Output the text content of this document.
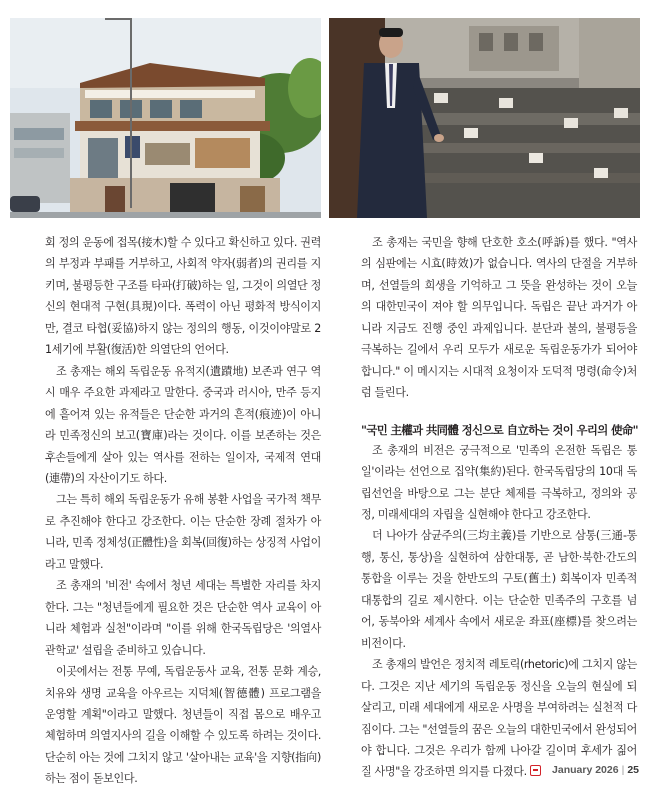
회 정의 운동에 접목(接木)할 수 있다고 확신하고 있다. 권력의 부정과 부패를 거부하고, 사회적 약자(弱者)의 권리를 지키며, 불평등한 구조를 타파(打破)하는 일, 그것이 의열단 정신의 현대적 구현(具現)이다. 폭력이 아닌 평화적 방식이지만, 결코 타협(妥協)하지 않는 정의의 행동, 이것이야말로 21세기에 부활(復活)한 의열단의 언어다.

조 총재는 해외 독립운동 유적지(遺蹟地) 보존과 연구 역시 매우 주요한 과제라고 말한다. 중국과 러시아, 만주 등지에 흩어져 있는 유적들은 단순한 과거의 흔적(痕迹)이 아니라 민족정신의 보고(寶庫)라는 것이다. 이를 보존하는 것은 후손들에게 살아 있는 역사를 전하는 일이자, 국제적 연대(連帶)의 자산이기도 하다.

그는 특히 해외 독립운동가 유해 봉환 사업을 국가적 책무로 추진해야 한다고 강조한다. 이는 단순한 장례 절차가 아니라, 민족 정체성(正體性)을 회복(回復)하는 상징적 사업이라고 말했다.

조 총재의 '비전' 속에서 청년 세대는 특별한 자리를 차지한다. 그는 "청년들에게 필요한 것은 단순한 역사 교육이 아니라 체험과 실천"이라며 "이를 위해 한국독립당은 '의열사관학교' 설립을 준비하고 있습니다.

이곳에서는 전통 무예, 독립운동사 교육, 전통 문화 계승, 치유와 생명 교육을 아우르는 지덕체(智德體) 프로그램을 운영할 계획"이라고 말했다. 청년들이 직접 몸으로 배우고 체험하며 의열지사의 길을 이해할 수 있도록 하려는 것이다. 단순히 아는 것에 그치지 않고 '살아내는 교육'을 지향(指向)하는 점이 돋보인다.

조 총재는 국민을 향해 단호한 호소(呼訴)를 했다. "역사의 심판에는 시효(時效)가 없습니다. 역사의 단절을 거부하며, 선열들의 희생을 기억하고 그 뜻을 완성하는 것이 오늘의 대한민국이 져야 할 의무입니다. 독립은 끝난 과거가 아니라 지금도 진행 중인 과제입니다. 분단과 불의, 불평등을 극복하는 길에서 우리 모두가 새로운 독립운동가가 되어야 합니다." 이 메시지는 시대적 요청이자 도덕적 명령(命令)처럼 들린다.

"국민 主權과 共同體 정신으로 自立하는 것이 우리의 使命"

조 총재의 비전은 궁극적으로 '민족의 온전한 독립은 통일'이라는 선언으로 집약(集約)된다. 한국독립당의 10대 독립선언을 바탕으로 그는 분단 체제를 극복하고, 정의와 공정, 미래세대의 자립을 실현해야 한다고 강조한다.

더 나아가 삼균주의(三均主義)를 기반으로 삼통(三通-통행, 통신, 통상)을 실현하여 삼한대통, 곧 남한·북한·간도의 통합을 이루는 것을 한반도의 구토(舊土) 회복이자 민족적 대통합의 길로 제시한다. 이는 단순한 민족주의 구호를 넘어, 동북아와 세계사 속에서 새로운 좌표(座標)를 찾으려는 비전이다.

조 총재의 발언은 정치적 레토릭(rhetoric)에 그치지 않는다. 그것은 지난 세기의 독립운동 정신을 오늘의 현실에 되살리고, 미래 세대에게 새로운 사명을 부여하려는 실천적 다짐이다. 그는 "선열들의 꿈은 오늘의 대한민국에서 완성되어야 합니다. 그것은 우리가 함께 나아갈 길이며 후세가 짊어질 사명"을 강조하면 의지를 다졌다.	January 2026 | 25
